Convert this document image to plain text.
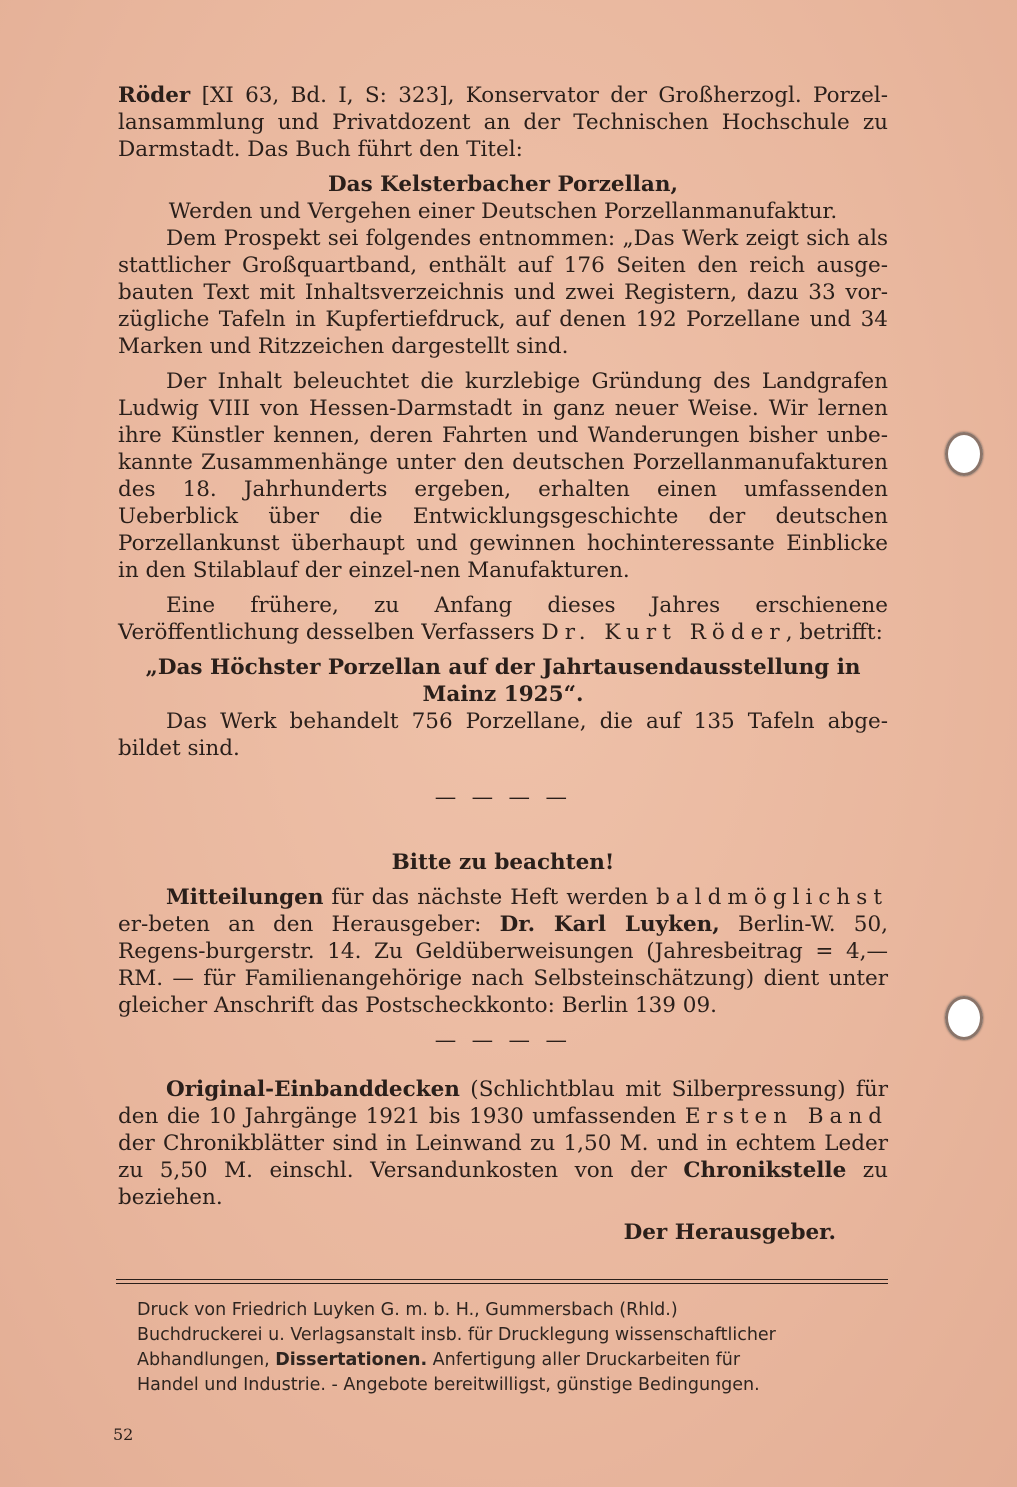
Röder [XI 63, Bd. I, S: 323], Konservator der Großherzogl. Porzel-lansammlung und Privatdozent an der Technischen Hochschule zu Darmstadt. Das Buch führt den Titel:

Das Kelsterbacher Porzellan,

Werden und Vergehen einer Deutschen Porzellanmanufaktur.

Dem Prospekt sei folgendes entnommen: „Das Werk zeigt sich als stattlicher Großquartband, enthält auf 176 Seiten den reich ausge-bauten Text mit Inhaltsverzeichnis und zwei Registern, dazu 33 vor-zügliche Tafeln in Kupfertiefdruck, auf denen 192 Porzellane und 34 Marken und Ritzzeichen dargestellt sind.

Der Inhalt beleuchtet die kurzlebige Gründung des Landgrafen Ludwig VIII von Hessen-Darmstadt in ganz neuer Weise. Wir lernen ihre Künstler kennen, deren Fahrten und Wanderungen bisher unbe-kannte Zusammenhänge unter den deutschen Porzellanmanufakturen des 18. Jahrhunderts ergeben, erhalten einen umfassenden Ueberblick über die Entwicklungsgeschichte der deutschen Porzellankunst überhaupt und gewinnen hochinteressante Einblicke in den Stilablauf der einzel-nen Manufakturen.

Eine frühere, zu Anfang dieses Jahres erschienene Veröffentlichung desselben Verfassers Dr. Kurt Röder, betrifft:

„Das Höchster Porzellan auf der Jahrtausendausstellung in

Mainz 1925“.

Das Werk behandelt 756 Porzellane, die auf 135 Tafeln abge-bildet sind.

— — — —

Bitte zu beachten!

Mitteilungen für das nächste Heft werden baldmöglichst er-beten an den Herausgeber: Dr. Karl Luyken, Berlin-W. 50, Regens-burgerstr. 14. Zu Geldüberweisungen (Jahresbeitrag = 4,— RM. — für Familienangehörige nach Selbsteinschätzung) dient unter gleicher Anschrift das Postscheckkonto: Berlin 139 09.

— — — —

Original-Einbanddecken (Schlichtblau mit Silberpressung) für den die 10 Jahrgänge 1921 bis 1930 umfassenden Ersten Band der Chronikblätter sind in Leinwand zu 1,50 M. und in echtem Leder zu 5,50 M. einschl. Versandunkosten von der Chronikstelle zu beziehen.

Der Herausgeber.

Druck von Friedrich Luyken G. m. b. H., Gummersbach (Rhld.)

Buchdruckerei u. Verlagsanstalt insb. für Drucklegung wissenschaftlicher

Abhandlungen, Dissertationen. Anfertigung aller Druckarbeiten für

Handel und Industrie. - Angebote bereitwilligst, günstige Bedingungen.

52
